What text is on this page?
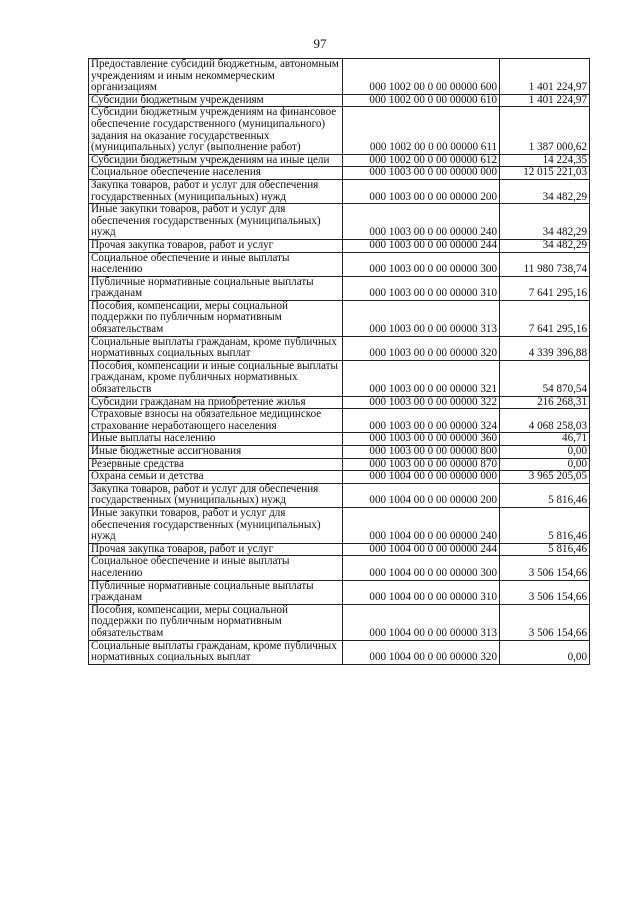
97
Предоставление субсидий бюджетным, автономным учреждениям и иным некоммерческим организациям	000 1002 00 0 00 00000 600	1 401 224,97
Субсидии бюджетным учреждениям	000 1002 00 0 00 00000 610	1 401 224,97
Субсидии бюджетным учреждениям на финансовое обеспечение государственного (муниципального) задания на оказание государственных (муниципальных) услуг (выполнение работ)	000 1002 00 0 00 00000 611	1 387 000,62
Субсидии бюджетным учреждениям на иные цели	000 1002 00 0 00 00000 612	14 224,35
Социальное обеспечение населения	000 1003 00 0 00 00000 000	12 015 221,03
Закупка товаров, работ и услуг для обеспечения государственных (муниципальных) нужд	000 1003 00 0 00 00000 200	34 482,29
Иные закупки товаров, работ и услуг для обеспечения государственных (муниципальных) нужд	000 1003 00 0 00 00000 240	34 482,29
Прочая закупка товаров, работ и услуг	000 1003 00 0 00 00000 244	34 482,29
Социальное обеспечение и иные выплаты населению	000 1003 00 0 00 00000 300	11 980 738,74
Публичные нормативные социальные выплаты гражданам	000 1003 00 0 00 00000 310	7 641 295,16
Пособия, компенсации, меры социальной поддержки по публичным нормативным обязательствам	000 1003 00 0 00 00000 313	7 641 295,16
Социальные выплаты гражданам, кроме публичных нормативных социальных выплат	000 1003 00 0 00 00000 320	4 339 396,88
Пособия, компенсации и иные социальные выплаты гражданам, кроме публичных нормативных обязательств	000 1003 00 0 00 00000 321	54 870,54
Субсидии гражданам на приобретение жилья	000 1003 00 0 00 00000 322	216 268,31
Страховые взносы на обязательное медицинское страхование неработающего населения	000 1003 00 0 00 00000 324	4 068 258,03
Иные выплаты населению	000 1003 00 0 00 00000 360	46,71
Иные бюджетные ассигнования	000 1003 00 0 00 00000 800	0,00
Резервные средства	000 1003 00 0 00 00000 870	0,00
Охрана семьи и детства	000 1004 00 0 00 00000 000	3 965 205,05
Закупка товаров, работ и услуг для обеспечения государственных (муниципальных) нужд	000 1004 00 0 00 00000 200	5 816,46
Иные закупки товаров, работ и услуг для обеспечения государственных (муниципальных) нужд	000 1004 00 0 00 00000 240	5 816,46
Прочая закупка товаров, работ и услуг	000 1004 00 0 00 00000 244	5 816,46
Социальное обеспечение и иные выплаты населению	000 1004 00 0 00 00000 300	3 506 154,66
Публичные нормативные социальные выплаты гражданам	000 1004 00 0 00 00000 310	3 506 154,66
Пособия, компенсации, меры социальной поддержки по публичным нормативным обязательствам	000 1004 00 0 00 00000 313	3 506 154,66
Социальные выплаты гражданам, кроме публичных нормативных социальных выплат	000 1004 00 0 00 00000 320	0,00
